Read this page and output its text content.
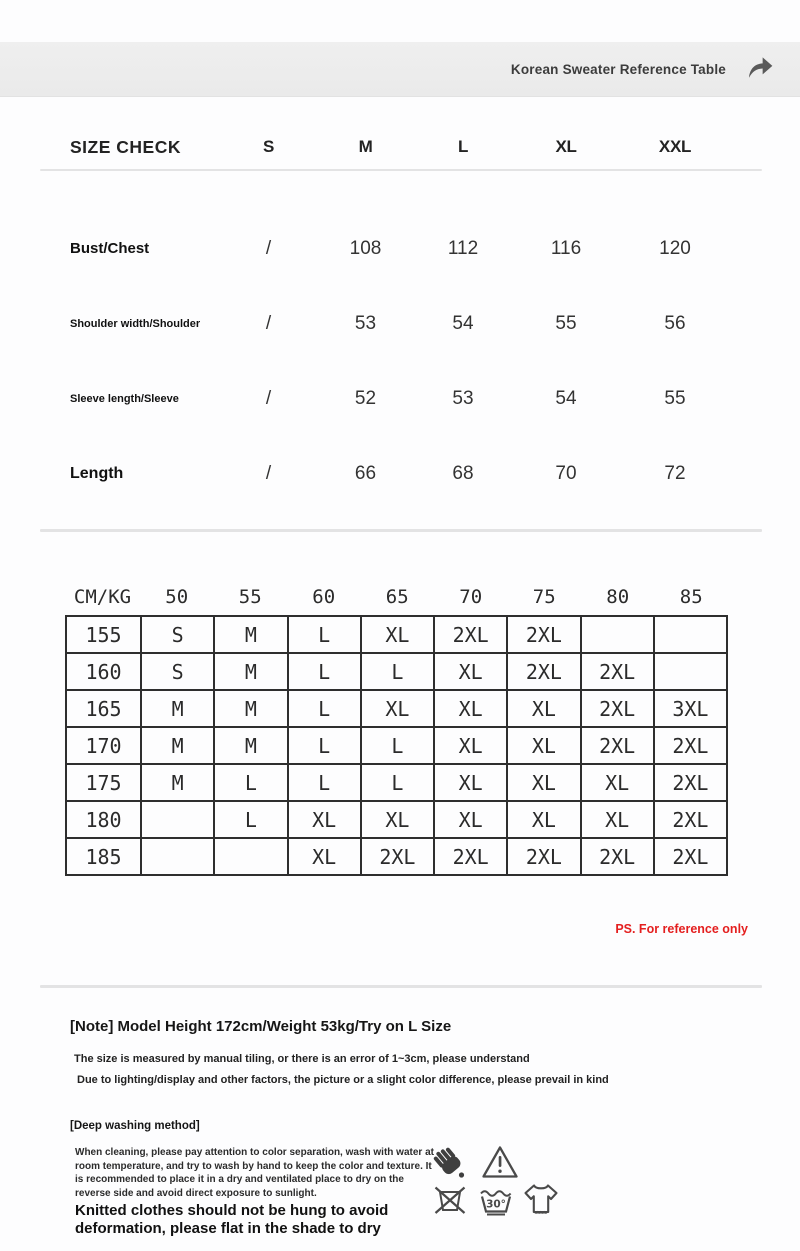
Korean Sweater Reference Table
SIZE CHECK	S	M	L	XL	XXL
Bust/Chest	/	108	112	116	120
Shoulder width/Shoulder	/	53	54	55	56
Sleeve length/Sleeve	/	52	53	54	55
Length	/	66	68	70	72
CM/KG	50	55	60	65	70	75	80	85
155	S	M	L	XL	2XL	2XL		
160	S	M	L	L	XL	2XL	2XL	
165	M	M	L	XL	XL	XL	2XL	3XL
170	M	M	L	L	XL	XL	2XL	2XL
175	M	L	L	L	XL	XL	XL	2XL
180		L	XL	XL	XL	XL	XL	2XL
185			XL	2XL	2XL	2XL	2XL	2XL
PS. For reference only
[Note] Model Height 172cm/Weight 53kg/Try on L Size
The size is measured by manual tiling, or there is an error of 1~3cm, please understand
Due to lighting/display and other factors, the picture or a slight color difference, please prevail in kind
[Deep washing method]
When cleaning, please pay attention to color separation, wash with water at room temperature, and try to wash by hand to keep the color and texture. It is recommended to place it in a dry and ventilated place to dry on the reverse side and avoid direct exposure to sunlight.
Knitted clothes should not be hung to avoid deformation, please flat in the shade to dry
30°
